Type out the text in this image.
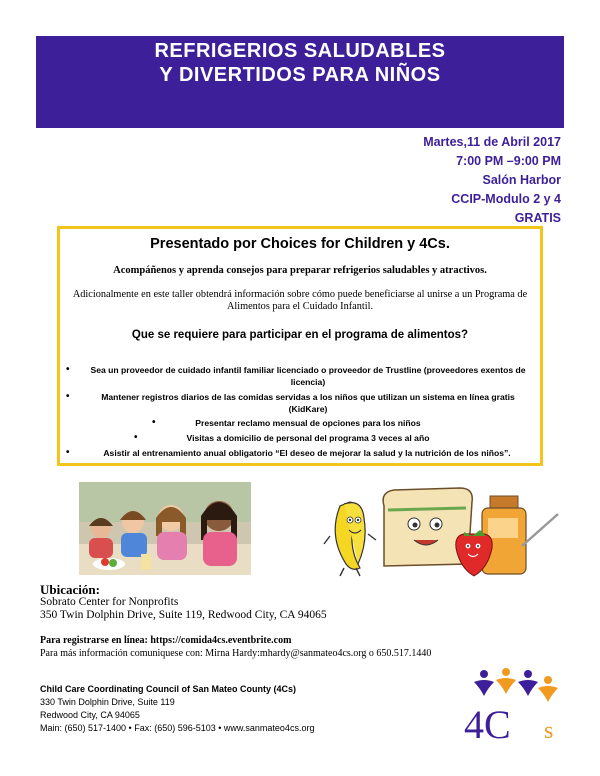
REFRIGERIOS SALUDABLES
Y DIVERTIDOS PARA NIÑOS
Martes,11 de Abril 2017
7:00 PM –9:00 PM
Salón Harbor
CCIP-Modulo 2 y 4
GRATIS
Presentado por Choices for Children y 4Cs.
Acompáñenos y aprenda consejos para preparar refrigerios saludables y atractivos.
Adicionalmente en este taller obtendrá información sobre cómo puede beneficiarse al unirse a un Programa de Alimentos para el Cuidado Infantil.
Que se requiere para participar en el programa de alimentos?
• Sea un proveedor de cuidado infantil familiar licenciado o proveedor de Trustline (proveedores exentos de licencia)
•	Mantener registros diarios de las comidas servidas a los niños que utilizan un sistema en línea gratis (KidKare)
•	Presentar reclamo mensual de opciones para los niños
•	Visitas a domicilio de personal del programa 3 veces al año
•	Asistir al entrenamiento anual obligatorio “El deseo de mejorar la salud y la nutrición de los niños”.
Ubicación:
Sobrato Center for Nonprofits
350 Twin Dolphin Drive, Suite 119, Redwood City, CA 94065
Para registrarse en línea: https://comida4cs.eventbrite.com
Para más información comuniquese con: Mirna Hardy:mhardy@sanmateo4cs.org o 650.517.1440
Child Care Coordinating Council of San Mateo County (4Cs)
330 Twin Dolphin Drive, Suite 119
Redwood City, CA 94065
Main: (650) 517-1400 • Fax: (650) 596-5103 • www.sanmateo4cs.org	4C s
